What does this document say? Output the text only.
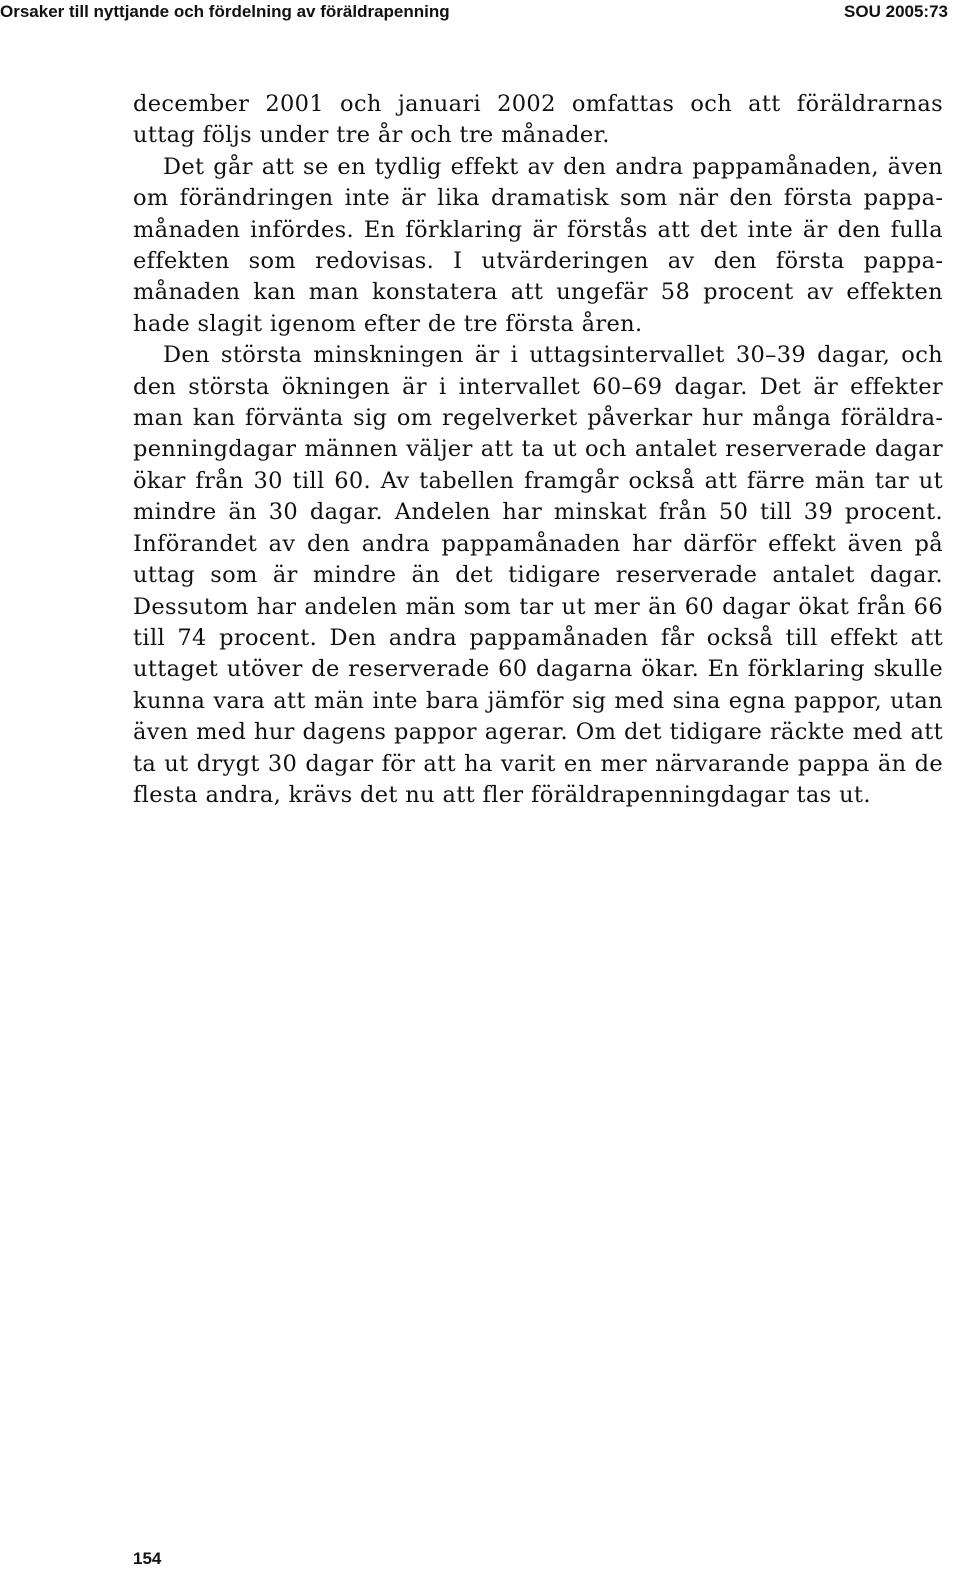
Orsaker till nyttjande och fördelning av föräldrapenning	SOU 2005:73

december 2001 och januari 2002 omfattas och att föräldrarnas uttag följs under tre år och tre månader.

Det går att se en tydlig effekt av den andra pappamånaden, även om förändringen inte är lika dramatisk som när den första pappamånaden infördes. En förklaring är förstås att det inte är den fulla effekten som redovisas. I utvärderingen av den första pappamånaden kan man konstatera att ungefär 58 procent av effekten hade slagit igenom efter de tre första åren.

Den största minskningen är i uttagsintervallet 30–39 dagar, och den största ökningen är i intervallet 60–69 dagar. Det är effekter man kan förvänta sig om regelverket påverkar hur många föräldrapenningdagar männen väljer att ta ut och antalet reserverade dagar ökar från 30 till 60. Av tabellen framgår också att färre män tar ut mindre än 30 dagar. Andelen har minskat från 50 till 39 procent. Införandet av den andra pappamånaden har därför effekt även på uttag som är mindre än det tidigare reserverade antalet dagar. Dessutom har andelen män som tar ut mer än 60 dagar ökat från 66 till 74 procent. Den andra pappamånaden får också till effekt att uttaget utöver de reserverade 60 dagarna ökar. En förklaring skulle kunna vara att män inte bara jämför sig med sina egna pappor, utan även med hur dagens pappor agerar. Om det tidigare räckte med att ta ut drygt 30 dagar för att ha varit en mer närvarande pappa än de flesta andra, krävs det nu att fler föräldrapenningdagar tas ut.

154
